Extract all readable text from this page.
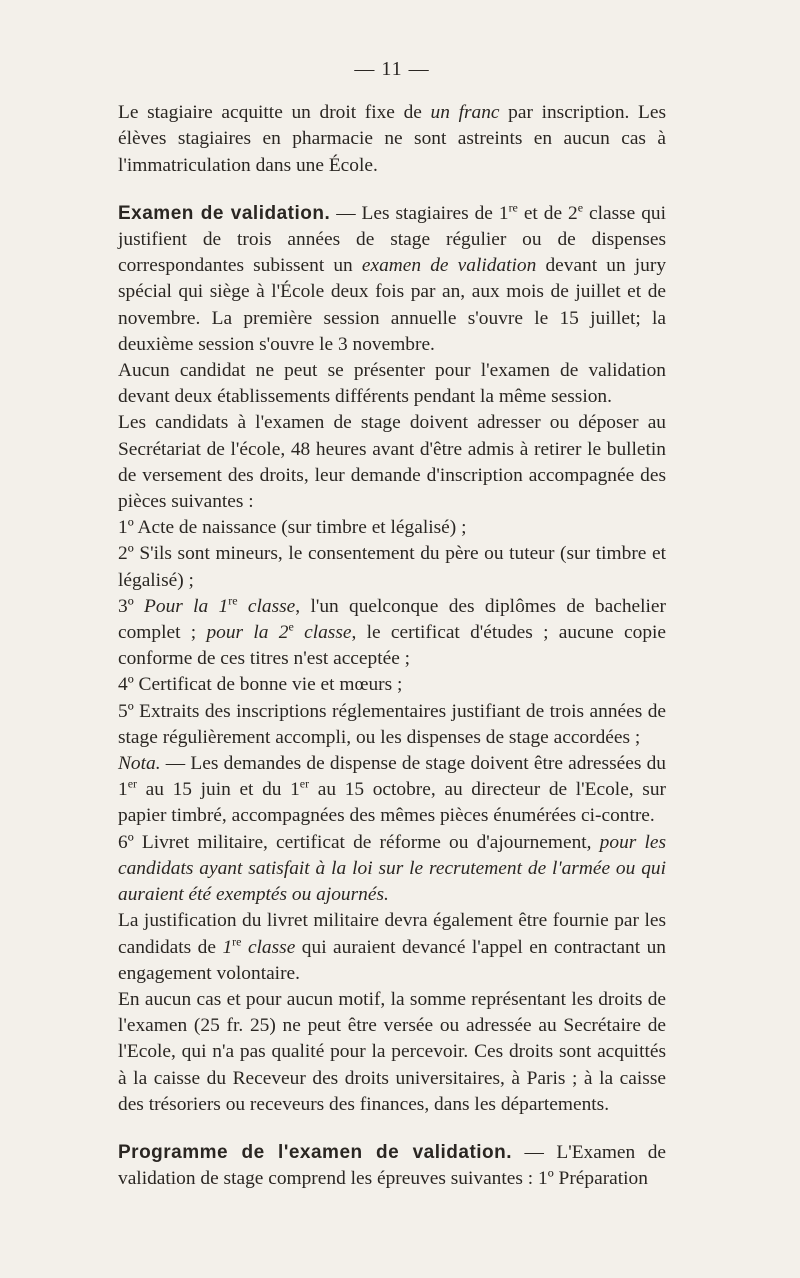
— 11 —

Le stagiaire acquitte un droit fixe de un franc par inscription. Les élèves stagiaires en pharmacie ne sont astreints en aucun cas à l'immatriculation dans une École.

Examen de validation. — Les stagiaires de 1re et de 2e classe qui justifient de trois années de stage régulier ou de dispenses correspondantes subissent un examen de validation devant un jury spécial qui siège à l'École deux fois par an, aux mois de juillet et de novembre. La première session annuelle s'ouvre le 15 juillet; la deuxième session s'ouvre le 3 novembre.

Aucun candidat ne peut se présenter pour l'examen de validation devant deux établissements différents pendant la même session.

Les candidats à l'examen de stage doivent adresser ou déposer au Secrétariat de l'école, 48 heures avant d'être admis à retirer le bulletin de versement des droits, leur demande d'inscription accompagnée des pièces suivantes :

1º Acte de naissance (sur timbre et légalisé) ;

2º S'ils sont mineurs, le consentement du père ou tuteur (sur timbre et légalisé) ;

3º Pour la 1re classe, l'un quelconque des diplômes de bachelier complet ; pour la 2e classe, le certificat d'études ; aucune copie conforme de ces titres n'est acceptée ;

4º Certificat de bonne vie et mœurs ;

5º Extraits des inscriptions réglementaires justifiant de trois années de stage régulièrement accompli, ou les dispenses de stage accordées ;

Nota. — Les demandes de dispense de stage doivent être adressées du 1er au 15 juin et du 1er au 15 octobre, au directeur de l'Ecole, sur papier timbré, accompagnées des mêmes pièces énumérées ci-contre.

6º Livret militaire, certificat de réforme ou d'ajournement, pour les candidats ayant satisfait à la loi sur le recrutement de l'armée ou qui auraient été exemptés ou ajournés.

La justification du livret militaire devra également être fournie par les candidats de 1re classe qui auraient devancé l'appel en contractant un engagement volontaire.

En aucun cas et pour aucun motif, la somme représentant les droits de l'examen (25 fr. 25) ne peut être versée ou adressée au Secrétaire de l'Ecole, qui n'a pas qualité pour la percevoir. Ces droits sont acquittés à la caisse du Receveur des droits universitaires, à Paris ; à la caisse des trésoriers ou receveurs des finances, dans les départements.

Programme de l'examen de validation. — L'Examen de validation de stage comprend les épreuves suivantes : 1º Préparation
